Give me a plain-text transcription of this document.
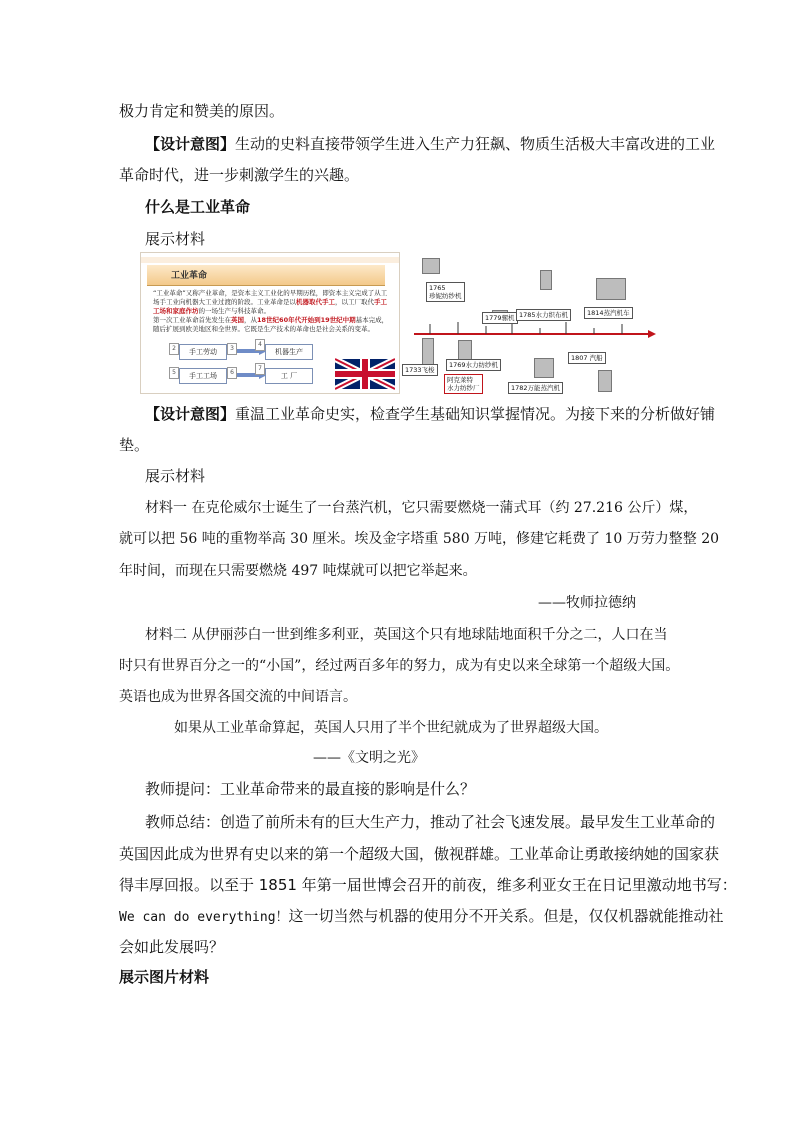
极力肯定和赞美的原因。
【设计意图】生动的史料直接带领学生进入生产力狂飙、物质生活极大丰富改进的工业
革命时代，进一步刺激学生的兴趣。
什么是工业革命
展示材料
工业革命
“工业革命”又称产业革命，是资本主义工业化的早期历程，即资本主义完成了从工场手工业向机器大工业过渡的阶段。工业革命是以机器取代手工，以工厂取代手工工场和家庭作坊的一场生产与科技革命。
第一次工业革命首先发生在英国，从18世纪60年代开始到19世纪中期基本完成，随后扩展到欧美地区和全世界。它既是生产技术的革命也是社会关系的变革。
2	手工劳动	3
4
机器生产
5	手工工场	6
7
工 厂
1765
珍妮纺纱机
1779骡机 1785水力织布机	1814蒸汽机车
1807 汽船
1733飞梭
1769水力纺纱机
阿克莱特
水力纺纱厂	1782万能蒸汽机
【设计意图】重温工业革命史实，检查学生基础知识掌握情况。为接下来的分析做好铺
垫。
展示材料
材料一 在克伦威尔士诞生了一台蒸汽机，它只需要燃烧一蒲式耳（约 27.216 公斤）煤，
就可以把 56 吨的重物举高 30 厘米。埃及金字塔重 580 万吨，修建它耗费了 10 万劳力整整 20
年时间，而现在只需要燃烧 497 吨煤就可以把它举起来。
——牧师拉德纳
材料二 从伊丽莎白一世到维多利亚，英国这个只有地球陆地面积千分之二，人口在当
时只有世界百分之一的“小国”，经过两百多年的努力，成为有史以来全球第一个超级大国。
英语也成为世界各国交流的中间语言。
如果从工业革命算起，英国人只用了半个世纪就成为了世界超级大国。
——《文明之光》
教师提问：工业革命带来的最直接的影响是什么？
教师总结：创造了前所未有的巨大生产力，推动了社会飞速发展。最早发生工业革命的
英国因此成为世界有史以来的第一个超级大国，傲视群雄。工业革命让勇敢接纳她的国家获
得丰厚回报。以至于 1851 年第一届世博会召开的前夜，维多利亚女王在日记里激动地书写：
We can do everything！这一切当然与机器的使用分不开关系。但是，仅仅机器就能推动社
会如此发展吗？
展示图片材料
